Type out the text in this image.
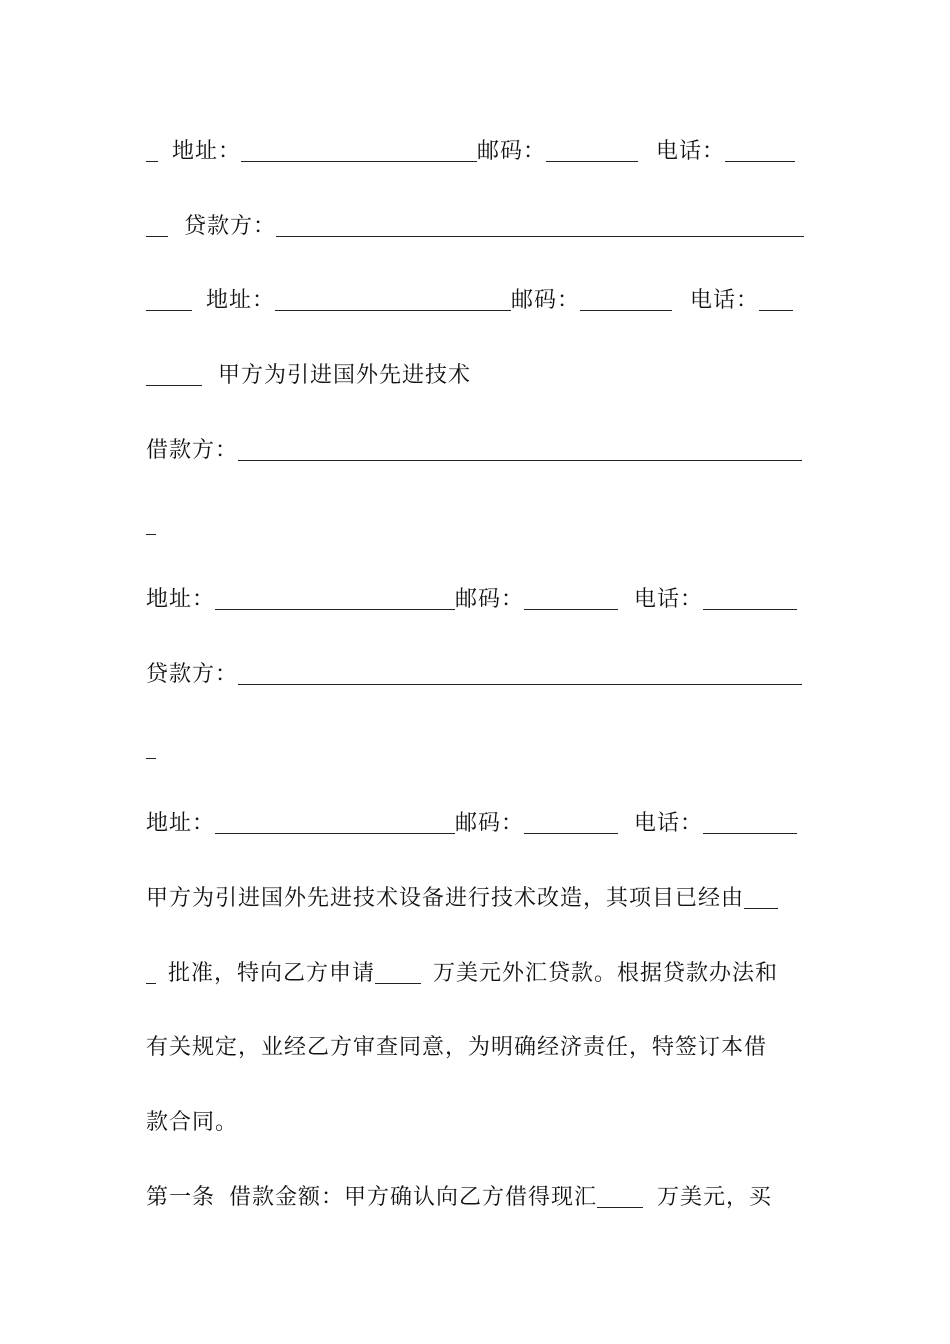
地址：	邮码：	电话：
贷款方：
地址：	邮码：	电话：
甲方为引进国外先进技术
借款方：
地址：	邮码：	电话：
贷款方：
地址：	邮码：	电话：
甲方为引进国外先进技术设备进行技术改造，其项目已经由
批准，特向乙方申请	万美元外汇贷款。根据贷款办法和
有关规定，业经乙方审查同意，为明确经济责任，特签订本借
款合同。
第一条 借款金额：甲方确认向乙方借得现汇	万美元，买
